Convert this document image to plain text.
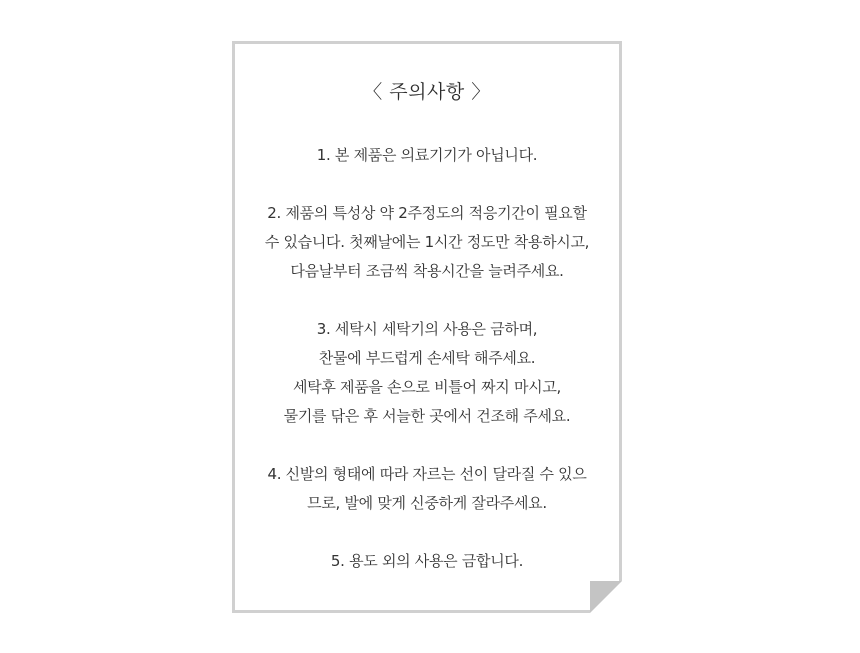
〈 주의사항 〉
1. 본 제품은 의료기기가 아닙니다.
2. 제품의 특성상 약 2주정도의 적응기간이 필요할
수 있습니다. 첫째날에는 1시간 정도만 착용하시고,
다음날부터 조금씩 착용시간을 늘려주세요.
3. 세탁시 세탁기의 사용은 금하며,
찬물에 부드럽게 손세탁 해주세요.
세탁후 제품을 손으로 비틀어 짜지 마시고,
물기를 닦은 후 서늘한 곳에서 건조해 주세요.
4. 신발의 형태에 따라 자르는 선이 달라질 수 있으
므로, 발에 맞게 신중하게 잘라주세요.
5. 용도 외의 사용은 금합니다.
